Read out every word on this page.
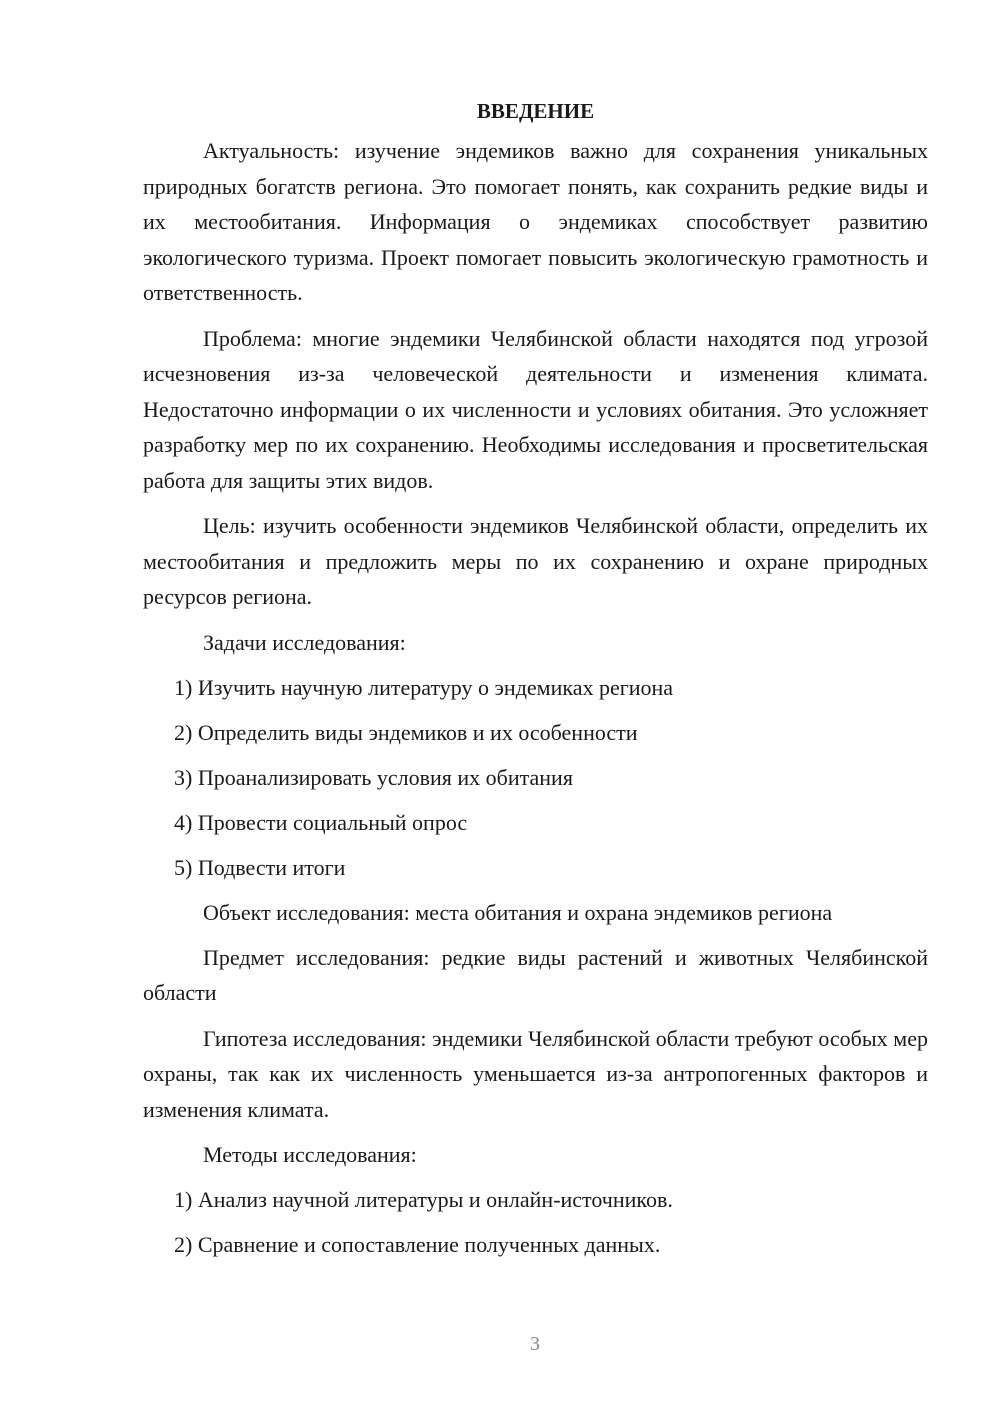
ВВЕДЕНИЕ

Актуальность: изучение эндемиков важно для сохранения уникальных природных богатств региона. Это помогает понять, как сохранить редкие виды и их местообитания. Информация о эндемиках способствует развитию экологического туризма. Проект помогает повысить экологическую грамотность и ответственность.

Проблема: многие эндемики Челябинской области находятся под угрозой исчезновения из-за человеческой деятельности и изменения климата. Недостаточно информации о их численности и условиях обитания. Это усложняет разработку мер по их сохранению. Необходимы исследования и просветительская работа для защиты этих видов.

Цель: изучить особенности эндемиков Челябинской области, определить их местообитания и предложить меры по их сохранению и охране природных ресурсов региона.

Задачи исследования:
1) Изучить научную литературу о эндемиках региона
2) Определить виды эндемиков и их особенности
3) Проанализировать условия их обитания
4) Провести социальный опрос
5) Подвести итоги
Объект исследования: места обитания и охрана эндемиков региона

Предмет исследования: редкие виды растений и животных Челябинской области

Гипотеза исследования: эндемики Челябинской области требуют особых мер охраны, так как их численность уменьшается из-за антропогенных факторов и изменения климата.

Методы исследования:
1) Анализ научной литературы и онлайн-источников.
2) Сравнение и сопоставление полученных данных.
3
